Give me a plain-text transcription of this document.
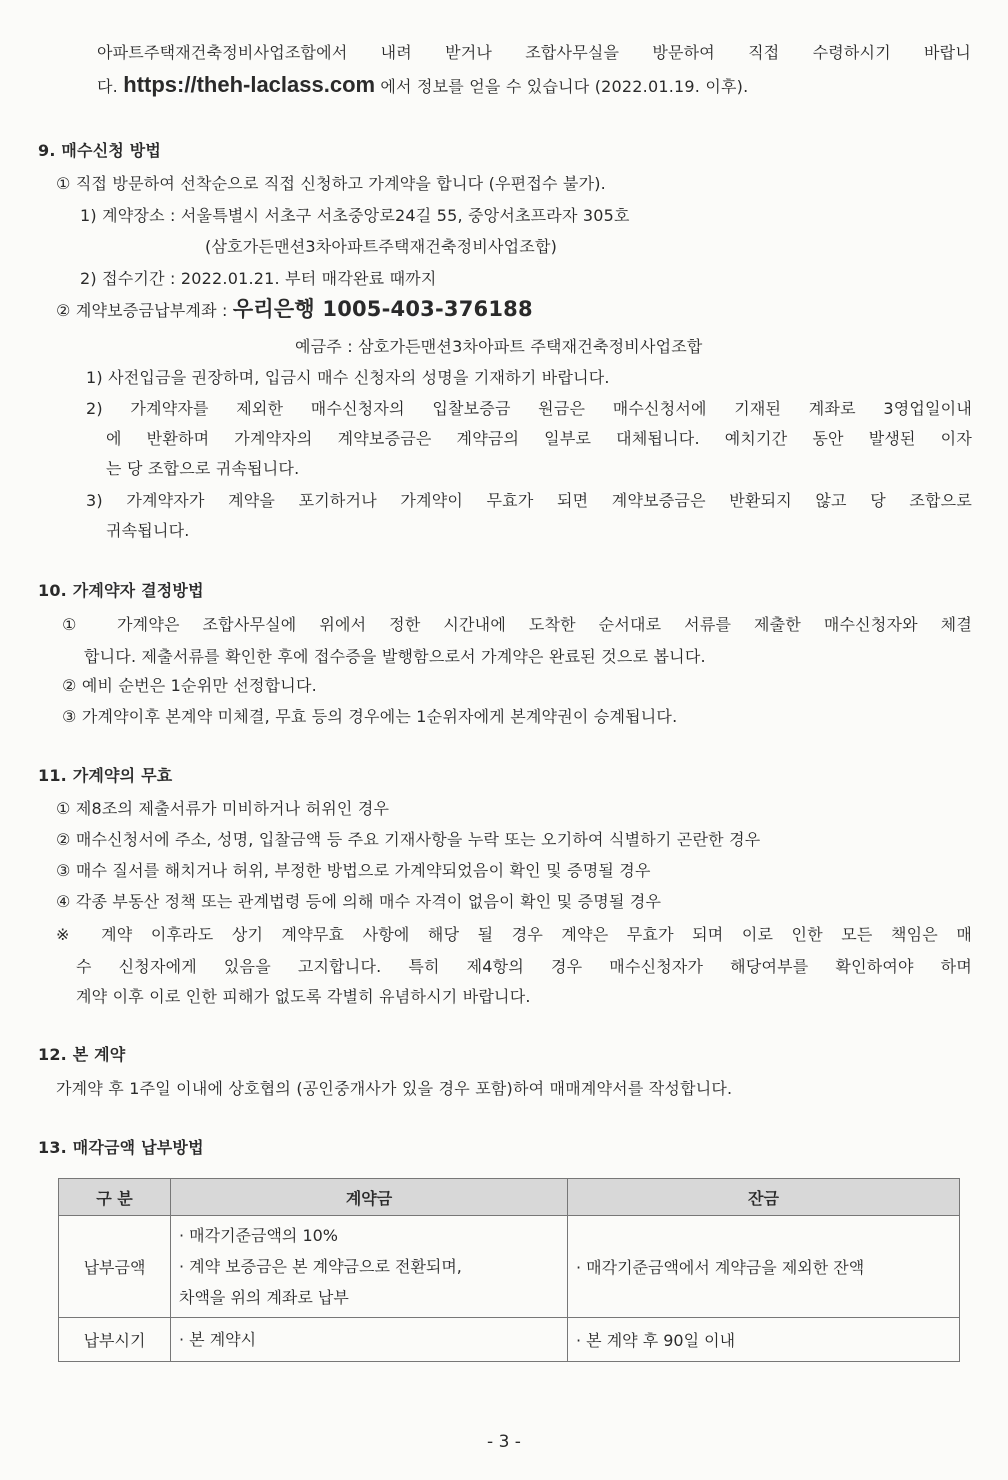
아파트주택재건축정비사업조합에서 내려 받거나 조합사무실을 방문하여 직접 수령하시기 바랍니
다. https://theh-laclass.com 에서 정보를 얻을 수 있습니다 (2022.01.19. 이후).
9. 매수신청 방법
① 직접 방문하여 선착순으로 직접 신청하고 가계약을 합니다 (우편접수 불가).
1) 계약장소 : 서울특별시 서초구 서초중앙로24길 55, 중앙서초프라자 305호
(삼호가든맨션3차아파트주택재건축정비사업조합)
2) 접수기간 : 2022.01.21. 부터 매각완료 때까지
② 계약보증금납부계좌 : 우리은행 1005-403-376188
예금주 : 삼호가든맨션3차아파트 주택재건축정비사업조합
1) 사전입금을 권장하며, 입금시 매수 신청자의 성명을 기재하기 바랍니다.
2) 가계약자를 제외한 매수신청자의 입찰보증금 원금은 매수신청서에 기재된 계좌로 3영업일이내
에 반환하며 가계약자의 계약보증금은 계약금의 일부로 대체됩니다. 예치기간 동안 발생된 이자
는 당 조합으로 귀속됩니다.
3) 가계약자가 계약을 포기하거나 가계약이 무효가 되면 계약보증금은 반환되지 않고 당 조합으로
귀속됩니다.
10. 가계약자 결정방법
① 가계약은 조합사무실에 위에서 정한 시간내에 도착한 순서대로 서류를 제출한 매수신청자와 체결
합니다. 제출서류를 확인한 후에 접수증을 발행함으로서 가계약은 완료된 것으로 봅니다.
② 예비 순번은 1순위만 선정합니다.
③ 가계약이후 본계약 미체결, 무효 등의 경우에는 1순위자에게 본계약권이 승계됩니다.
11. 가계약의 무효
① 제8조의 제출서류가 미비하거나 허위인 경우
② 매수신청서에 주소, 성명, 입찰금액 등 주요 기재사항을 누락 또는 오기하여 식별하기 곤란한 경우
③ 매수 질서를 해치거나 허위, 부정한 방법으로 가계약되었음이 확인 및 증명될 경우
④ 각종 부동산 정책 또는 관계법령 등에 의해 매수 자격이 없음이 확인 및 증명될 경우
※ 계약 이후라도 상기 계약무효 사항에 해당 될 경우 계약은 무효가 되며 이로 인한 모든 책임은 매
수 신청자에게 있음을 고지합니다. 특히 제4항의 경우 매수신청자가 해당여부를 확인하여야 하며
계약 이후 이로 인한 피해가 없도록 각별히 유념하시기 바랍니다.
12. 본 계약
가계약 후 1주일 이내에 상호협의 (공인중개사가 있을 경우 포함)하여 매매계약서를 작성합니다.
13. 매각금액 납부방법
구 분	계약금	잔금
납부금액	· 매각기준금액의 10%
· 계약 보증금은 본 계약금으로 전환되며,
차액을 위의 계좌로 납부	· 매각기준금액에서 계약금을 제외한 잔액
납부시기	· 본 계약시	· 본 계약 후 90일 이내
- 3 -
